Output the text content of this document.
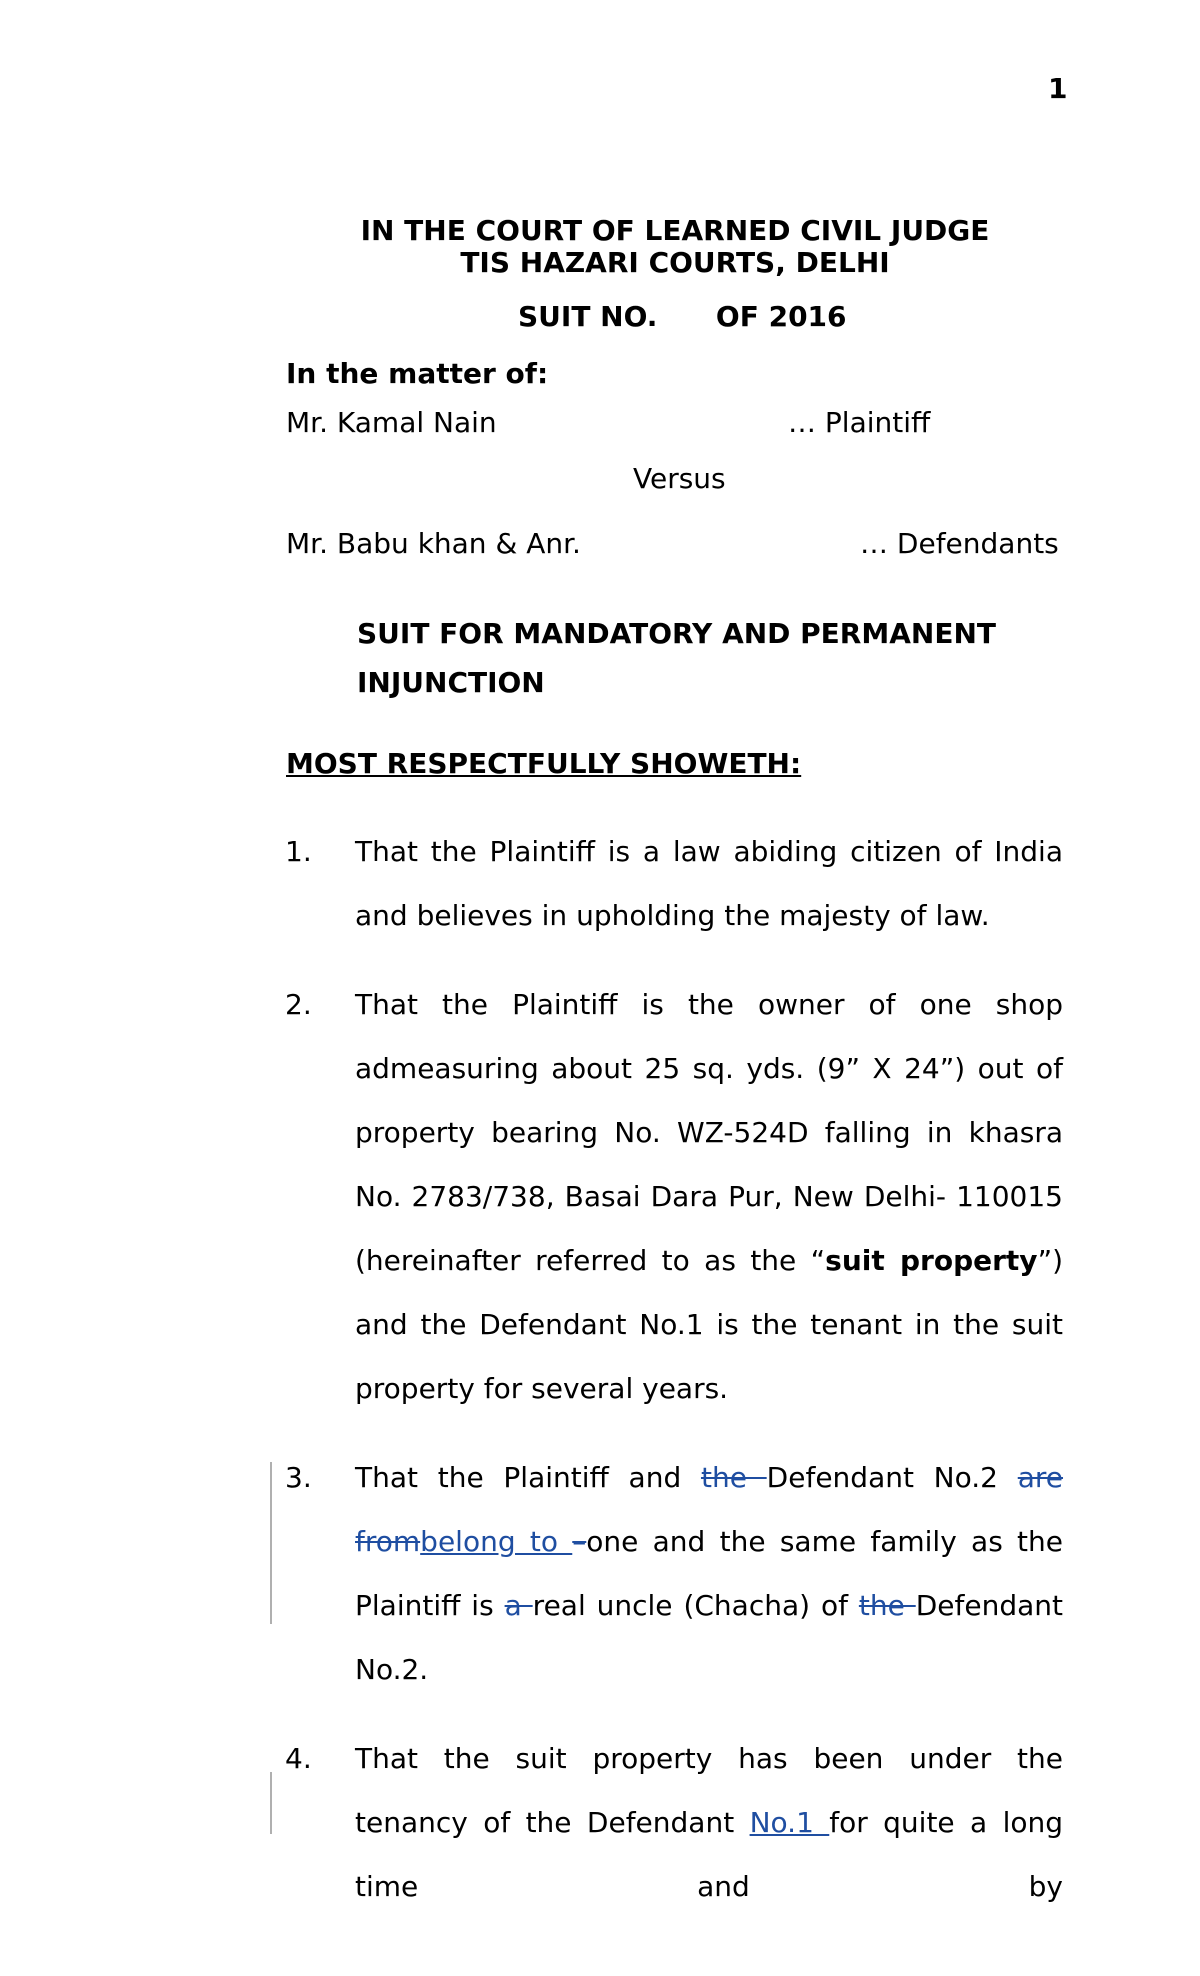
1
IN THE COURT OF LEARNED CIVIL JUDGE
TIS HAZARI COURTS, DELHI
SUIT NO.      OF 2016
In the matter of:
Mr. Kamal Nain	… Plaintiff
Versus
Mr. Babu khan & Anr.	… Defendants
SUIT FOR MANDATORY AND PERMANENT
INJUNCTION
MOST RESPECTFULLY SHOWETH:
1. That the Plaintiff is a law abiding citizen of India and believes in upholding the majesty of law.
2. That the Plaintiff is the owner of one shop admeasuring about 25 sq. yds. (9” X 24”) out of property bearing No. WZ-524D falling in khasra No. 2783/738, Basai Dara Pur, New Delhi- 110015 (hereinafter referred to as the “suit property”) and the Defendant No.1 is the tenant in the suit property for several years.
3. That the Plaintiff and the Defendant No.2 are frombelong to –one and the same family as the Plaintiff is a real uncle (Chacha) of the Defendant No.2.
4. That the suit property has been under the tenancy of the Defendant No.1 for quite a long time and by
